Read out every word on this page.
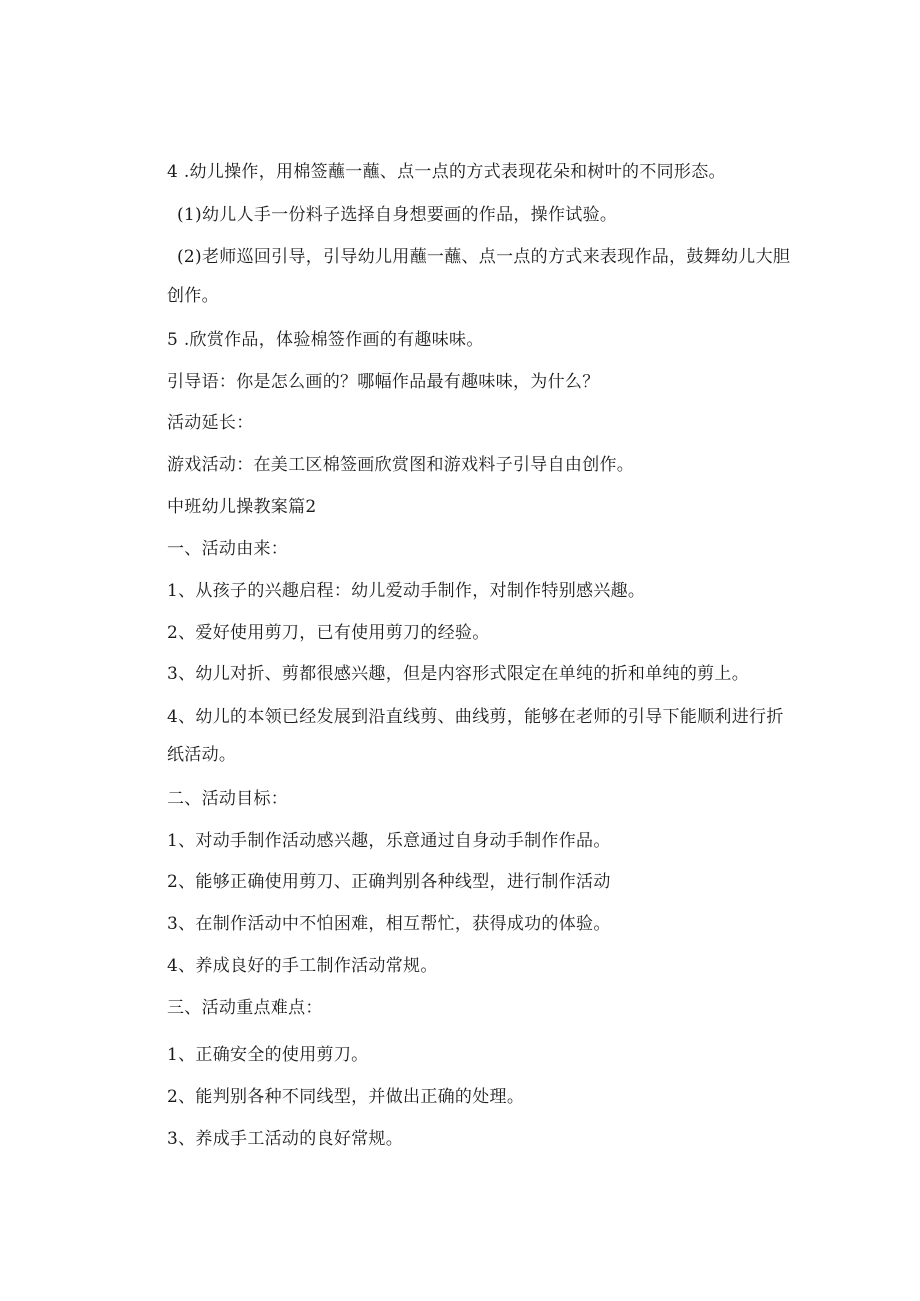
4 .幼儿操作，用棉签蘸一蘸、点一点的方式表现花朵和树叶的不同形态。
(1)幼儿人手一份料子选择自身想要画的作品，操作试验。
(2)老师巡回引导，引导幼儿用蘸一蘸、点一点的方式来表现作品，鼓舞幼儿大胆
创作。
5 .欣赏作品，体验棉签作画的有趣味味。
引导语：你是怎么画的？哪幅作品最有趣味味，为什么？
活动延长：
游戏活动：在美工区棉签画欣赏图和游戏料子引导自由创作。
中班幼儿操教案篇2
一、活动由来：
1、从孩子的兴趣启程：幼儿爱动手制作，对制作特别感兴趣。
2、爱好使用剪刀，已有使用剪刀的经验。
3、幼儿对折、剪都很感兴趣，但是内容形式限定在单纯的折和单纯的剪上。
4、幼儿的本领已经发展到沿直线剪、曲线剪，能够在老师的引导下能顺利进行折
纸活动。
二、活动目标：
1、对动手制作活动感兴趣，乐意通过自身动手制作作品。
2、能够正确使用剪刀、正确判别各种线型，进行制作活动
3、在制作活动中不怕困难，相互帮忙，获得成功的体验。
4、养成良好的手工制作活动常规。
三、活动重点难点：
1、正确安全的使用剪刀。
2、能判别各种不同线型，并做出正确的处理。
3、养成手工活动的良好常规。
